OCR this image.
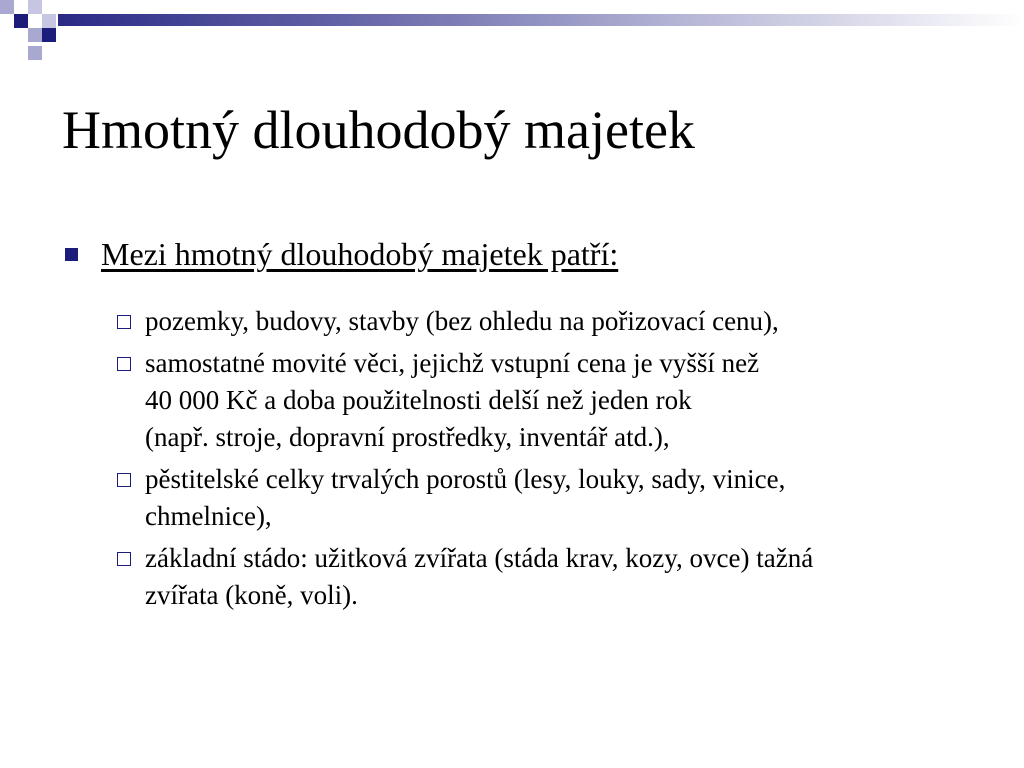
Hmotný dlouhodobý majetek
Mezi hmotný dlouhodobý majetek patří:
pozemky, budovy, stavby (bez ohledu na pořizovací cenu),
samostatné movité věci, jejichž vstupní cena je vyšší než
40 000 Kč a doba použitelnosti delší než jeden rok
(např. stroje, dopravní prostředky, inventář atd.),
pěstitelské celky trvalých porostů (lesy, louky, sady, vinice,
chmelnice),
základní stádo: užitková zvířata (stáda krav, kozy, ovce) tažná
zvířata (koně, voli).
